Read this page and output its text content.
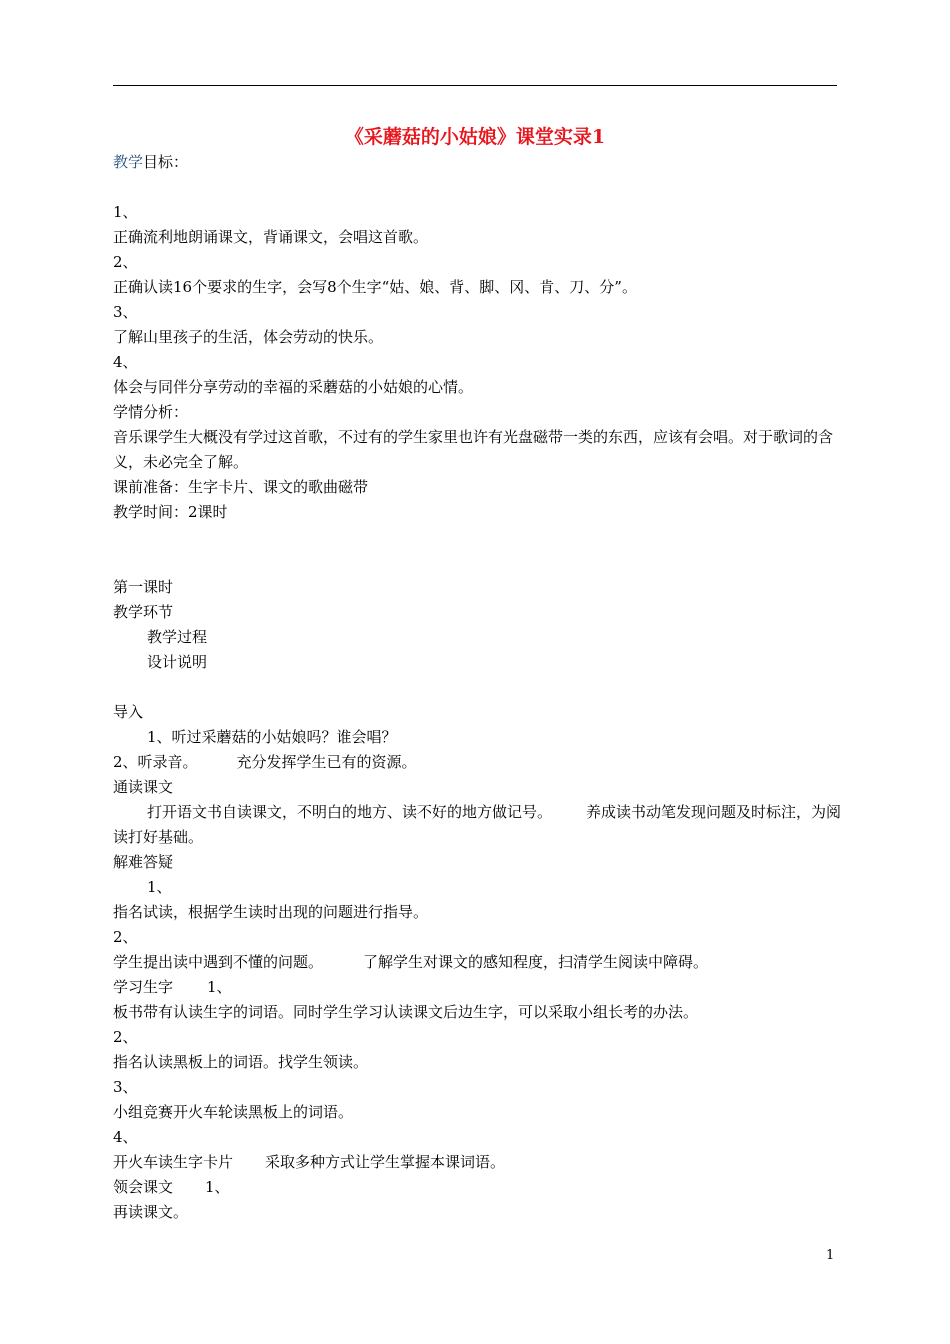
《采蘑菇的小姑娘》课堂实录1
教学目标：
1、
正确流利地朗诵课文，背诵课文，会唱这首歌。
2、
正确认读16个要求的生字，会写8个生字“姑、娘、背、脚、冈、肯、刀、分”。
3、
了解山里孩子的生活，体会劳动的快乐。
4、
体会与同伴分享劳动的幸福的采蘑菇的小姑娘的心情。
学情分析：
音乐课学生大概没有学过这首歌，不过有的学生家里也许有光盘磁带一类的东西，应该有会唱。对于歌词的含义，未必完全了解。
课前准备：生字卡片、课文的歌曲磁带
教学时间：2课时
第一课时
教学环节
教学过程
设计说明
导入
1、听过采蘑菇的小姑娘吗？谁会唱？
2、听录音。	充分发挥学生已有的资源。
通读课文
打开语文书自读课文，不明白的地方、读不好的地方做记号。 养成读书动笔发现问题及时标注，为阅读打好基础。
解难答疑
1、
指名试读，根据学生读时出现的问题进行指导。
2、
学生提出读中遇到不懂的问题。	了解学生对课文的感知程度，扫清学生阅读中障碍。
学习生字 1、
板书带有认读生字的词语。同时学生学习认读课文后边生字，可以采取小组长考的办法。
2、
指名认读黑板上的词语。找学生领读。
3、
小组竞赛开火车轮读黑板上的词语。
4、
开火车读生字卡片 采取多种方式让学生掌握本课词语。
领会课文 1、
再读课文。
1
